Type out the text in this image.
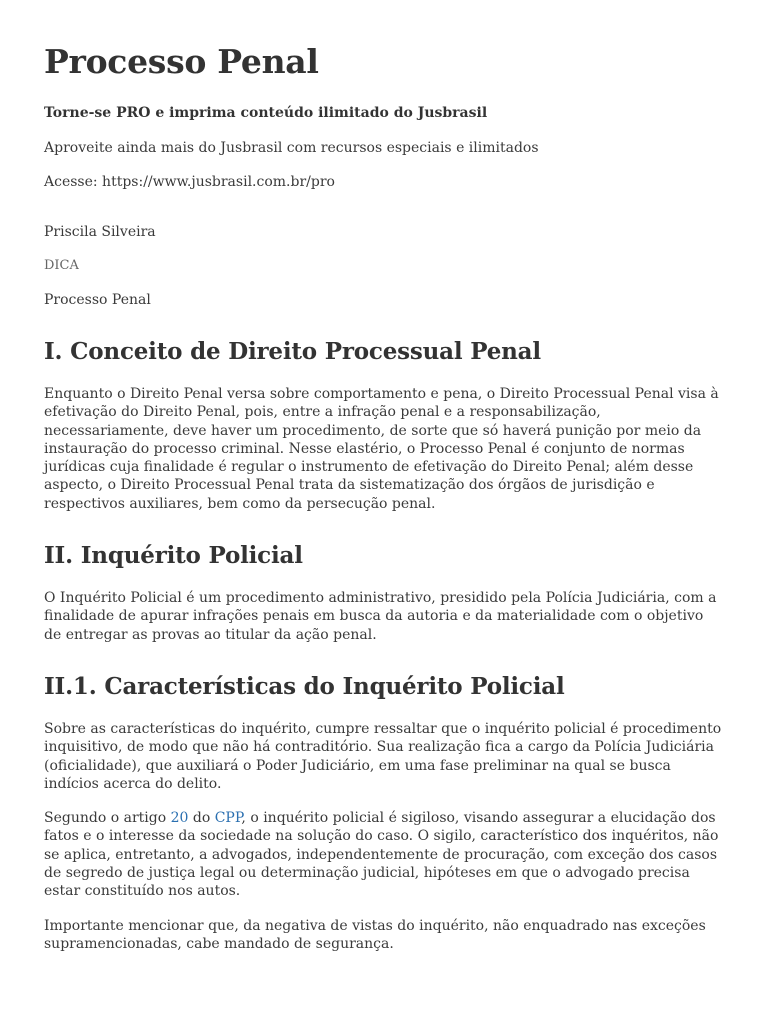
Processo Penal
Torne-se PRO e imprima conteúdo ilimitado do Jusbrasil
Aproveite ainda mais do Jusbrasil com recursos especiais e ilimitados
Acesse: https://www.jusbrasil.com.br/pro
Priscila Silveira
DICA
Processo Penal
I. Conceito de Direito Processual Penal

Enquanto o Direito Penal versa sobre comportamento e pena, o Direito Processual Penal visa à efetivação do Direito Penal, pois, entre a infração penal e a responsabilização, necessariamente, deve haver um procedimento, de sorte que só haverá punição por meio da instauração do processo criminal. Nesse elastério, o Processo Penal é conjunto de normas jurídicas cuja finalidade é regular o instrumento de efetivação do Direito Penal; além desse aspecto, o Direito Processual Penal trata da sistematização dos órgãos de jurisdição e respectivos auxiliares, bem como da persecução penal.

II. Inquérito Policial

O Inquérito Policial é um procedimento administrativo, presidido pela Polícia Judiciária, com a finalidade de apurar infrações penais em busca da autoria e da materialidade com o objetivo de entregar as provas ao titular da ação penal.

II.1. Características do Inquérito Policial

Sobre as características do inquérito, cumpre ressaltar que o inquérito policial é procedimento inquisitivo, de modo que não há contraditório. Sua realização fica a cargo da Polícia Judiciária (oficialidade), que auxiliará o Poder Judiciário, em uma fase preliminar na qual se busca indícios acerca do delito.

Segundo o artigo 20 do CPP, o inquérito policial é sigiloso, visando assegurar a elucidação dos fatos e o interesse da sociedade na solução do caso. O sigilo, característico dos inquéritos, não se aplica, entretanto, a advogados, independentemente de procuração, com exceção dos casos de segredo de justiça legal ou determinação judicial, hipóteses em que o advogado precisa estar constituído nos autos.

Importante mencionar que, da negativa de vistas do inquérito, não enquadrado nas exceções supramencionadas, cabe mandado de segurança.
